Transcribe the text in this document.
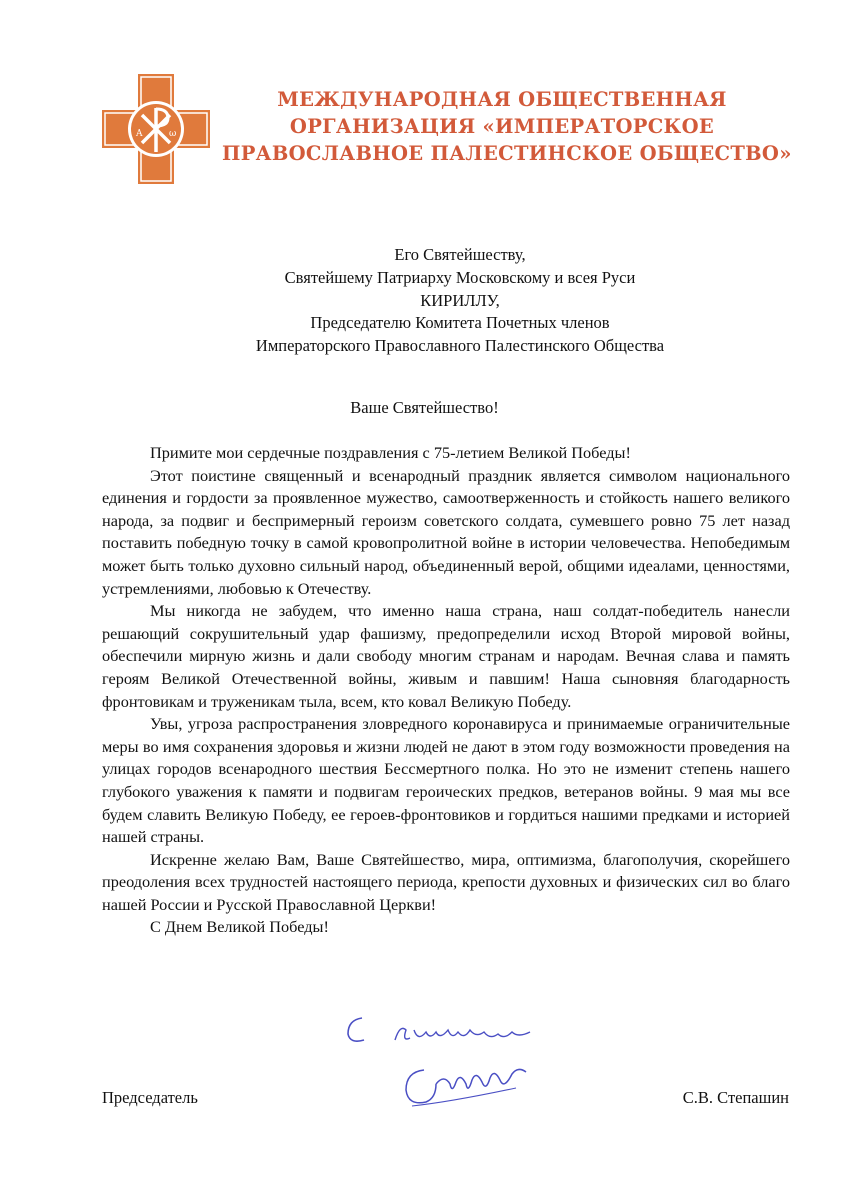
A	ω
МЕЖДУНАРОДНАЯ ОБЩЕСТВЕННАЯ
ОРГАНИЗАЦИЯ «ИМПЕРАТОРСКОЕ
ПРАВОСЛАВНОЕ ПАЛЕСТИНСКОЕ ОБЩЕСТВО»
Его Святейшеству,
Святейшему Патриарху Московскому и всея Руси
КИРИЛЛУ,
Председателю Комитета Почетных членов
Императорского Православного Палестинского Общества
Ваше Святейшество!

Примите мои сердечные поздравления с 75-летием Великой Победы!

Этот поистине священный и всенародный праздник является символом национального единения и гордости за проявленное мужество, самоотверженность и стойкость нашего великого народа, за подвиг и беспримерный героизм советского солдата, сумевшего ровно 75 лет назад поставить победную точку в самой кровопролитной войне в истории человечества. Непобедимым может быть только духовно сильный народ, объединенный верой, общими идеалами, ценностями, устремлениями, любовью к Отечеству.

Мы никогда не забудем, что именно наша страна, наш солдат-победитель нанесли решающий сокрушительный удар фашизму, предопределили исход Второй мировой войны, обеспечили мирную жизнь и дали свободу многим странам и народам. Вечная слава и память героям Великой Отечественной войны, живым и павшим! Наша сыновняя благодарность фронтовикам и труженикам тыла, всем, кто ковал Великую Победу.

Увы, угроза распространения зловредного коронавируса и принимаемые ограничительные меры во имя сохранения здоровья и жизни людей не дают в этом году возможности проведения на улицах городов всенародного шествия Бессмертного полка. Но это не изменит степень нашего глубокого уважения к памяти и подвигам героических предков, ветеранов войны. 9 мая мы все будем славить Великую Победу, ее героев-фронтовиков и гордиться нашими предками и историей нашей страны.

Искренне желаю Вам, Ваше Святейшество, мира, оптимизма, благополучия, скорейшего преодоления всех трудностей настоящего периода, крепости духовных и физических сил во благо нашей России и Русской Православной Церкви!

С Днем Великой Победы!

Председатель	С.В. Степашин
